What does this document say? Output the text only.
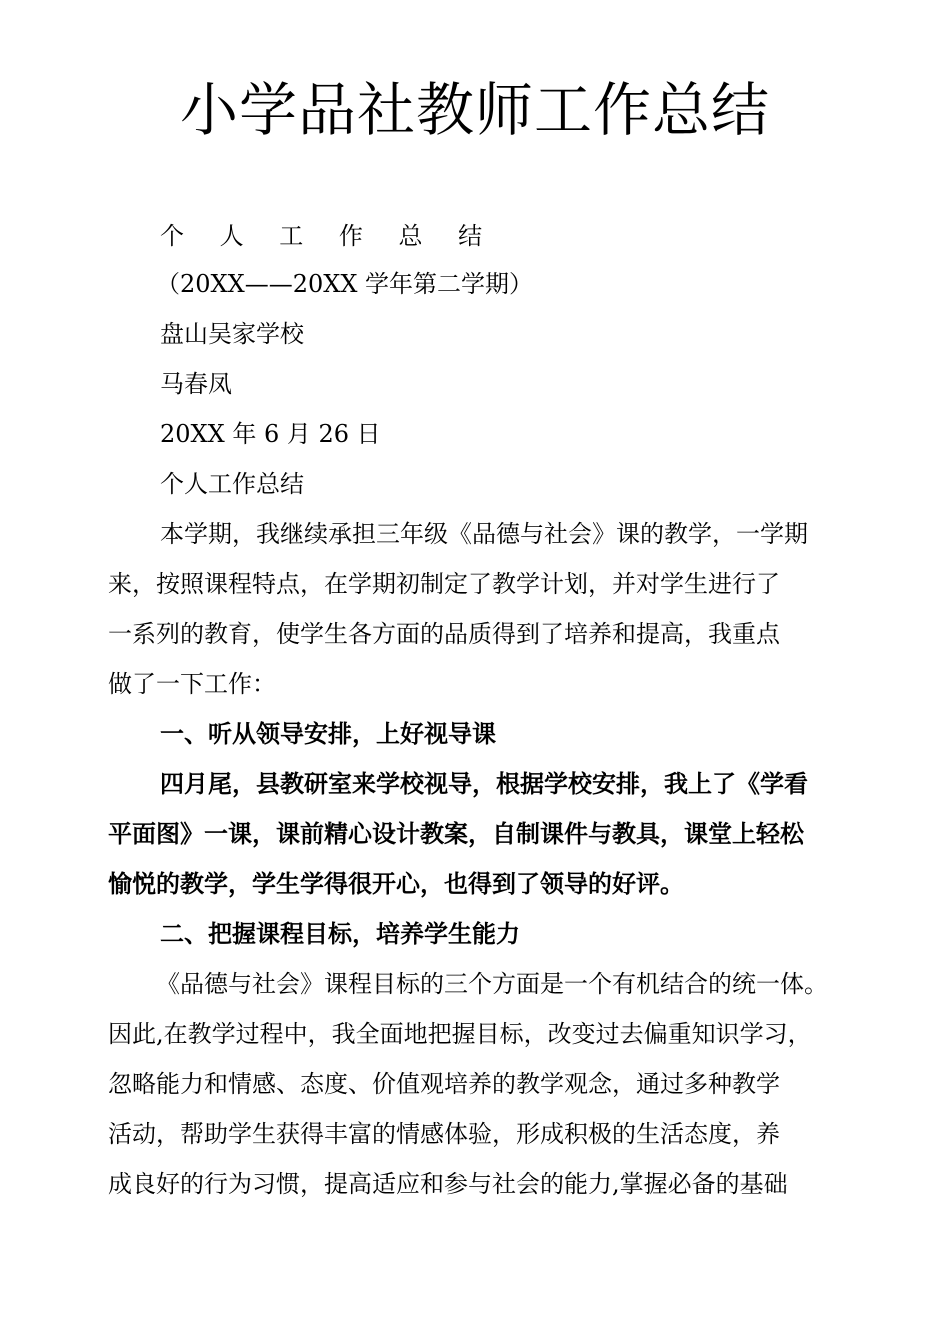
小学品社教师工作总结
个 人 工 作 总 结
（20XX——20XX 学年第二学期）
盘山吴家学校
马春凤
20XX 年 6 月 26 日
个人工作总结
本学期，我继续承担三年级《品德与社会》课的教学，一学期
来，按照课程特点，在学期初制定了教学计划，并对学生进行了
一系列的教育，使学生各方面的品质得到了培养和提高，我重点
做了一下工作：
一、听从领导安排，上好视导课
四月尾，县教研室来学校视导，根据学校安排，我上了《学看
平面图》一课，课前精心设计教案，自制课件与教具，课堂上轻松
愉悦的教学，学生学得很开心，也得到了领导的好评。
二、把握课程目标，培养学生能力
《品德与社会》课程目标的三个方面是一个有机结合的统一体。
因此,在教学过程中，我全面地把握目标，改变过去偏重知识学习，
忽略能力和情感、态度、价值观培养的教学观念，通过多种教学
活动，帮助学生获得丰富的情感体验，形成积极的生活态度，养
成良好的行为习惯，提高适应和参与社会的能力,掌握必备的基础
